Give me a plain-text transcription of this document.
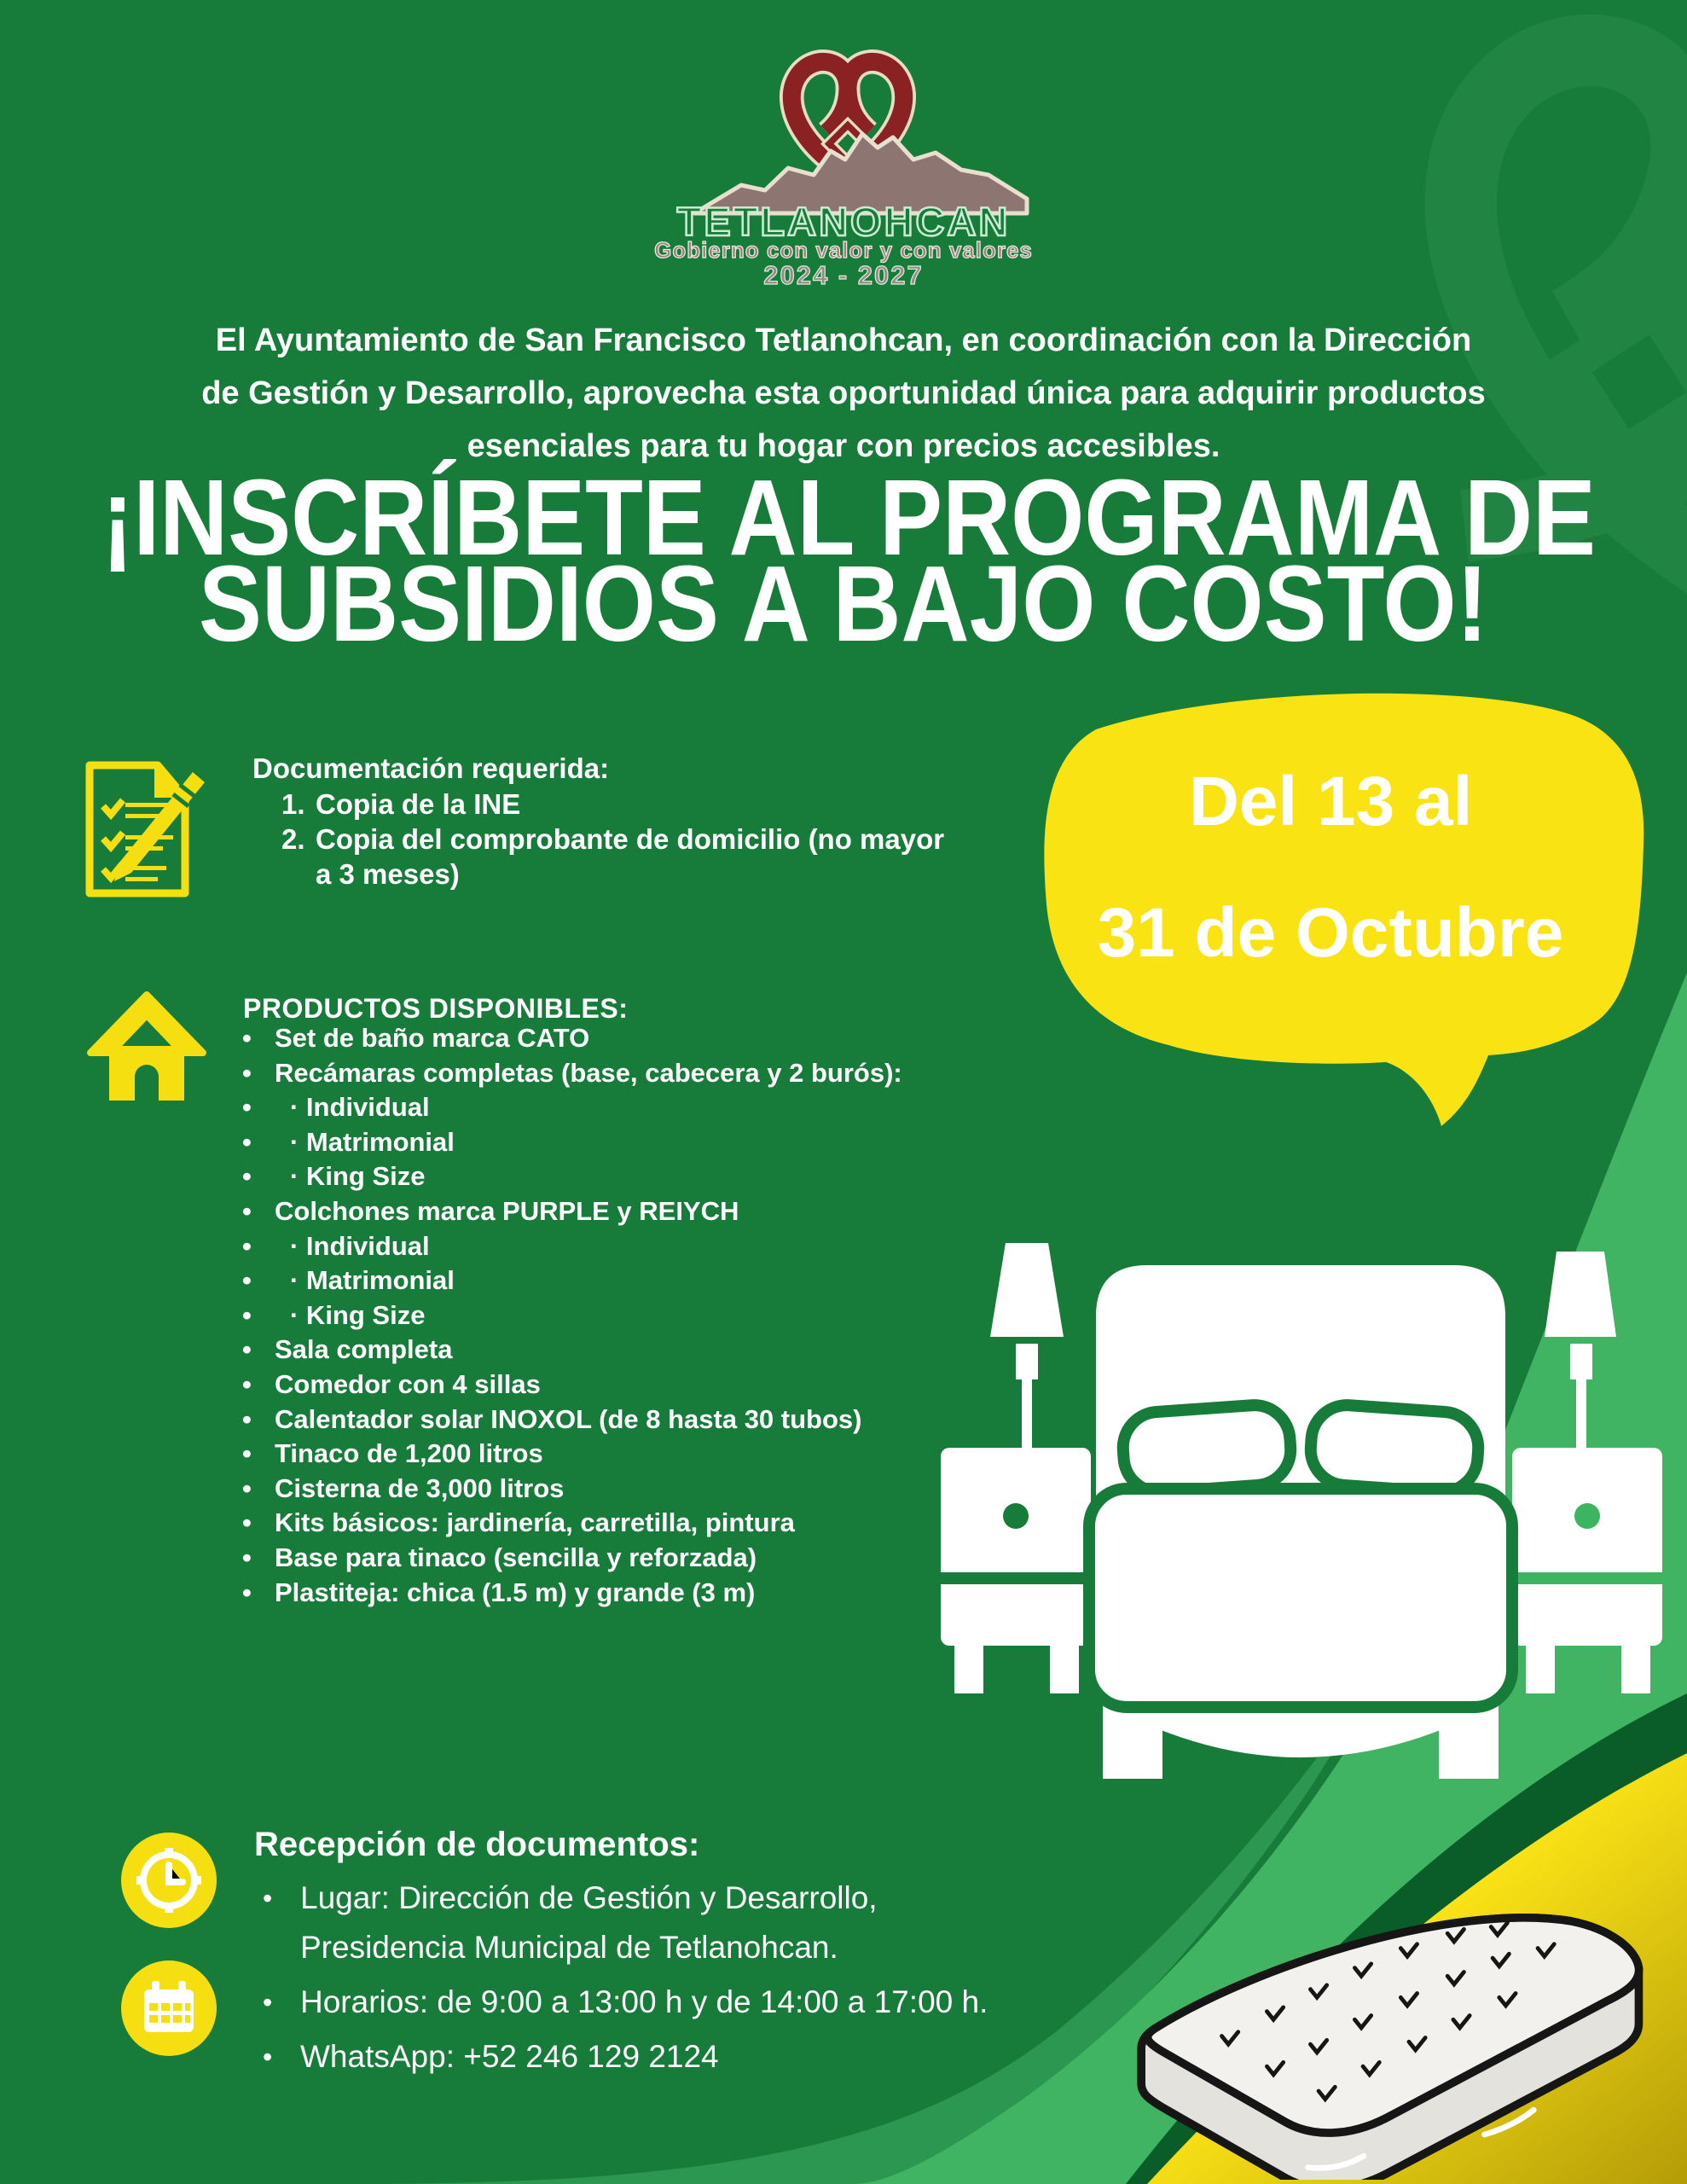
TETLANOHCAN
Gobierno con valor y con valores
2024 - 2027
El Ayuntamiento de San Francisco Tetlanohcan, en coordinación con la Dirección
de Gestión y Desarrollo, aprovecha esta oportunidad única para adquirir productos
esenciales para tu hogar con precios accesibles.
¡INSCRÍBETE AL PROGRAMA DE
SUBSIDIOS A BAJO COSTO!
Documentación requerida:
1. Copia de la INE
2. Copia del comprobante de domicilio (no mayor
a 3 meses)
PRODUCTOS DISPONIBLES:
• Set de baño marca CATO
• Recámaras completas (base, cabecera y 2 burós):
• · Individual
• · Matrimonial
• · King Size
• Colchones marca PURPLE y REIYCH
• · Individual
• · Matrimonial
• · King Size
• Sala completa
• Comedor con 4 sillas
• Calentador solar INOXOL (de 8 hasta 30 tubos)
• Tinaco de 1,200 litros
• Cisterna de 3,000 litros
• Kits básicos: jardinería, carretilla, pintura
• Base para tinaco (sencilla y reforzada)
• Plastiteja: chica (1.5 m) y grande (3 m)
Del 13 al
31 de Octubre
Recepción de documentos:
• Lugar: Dirección de Gestión y Desarrollo,
Presidencia Municipal de Tetlanohcan.
• Horarios: de 9:00 a 13:00 h y de 14:00 a 17:00 h.
• WhatsApp: +52 246 129 2124
